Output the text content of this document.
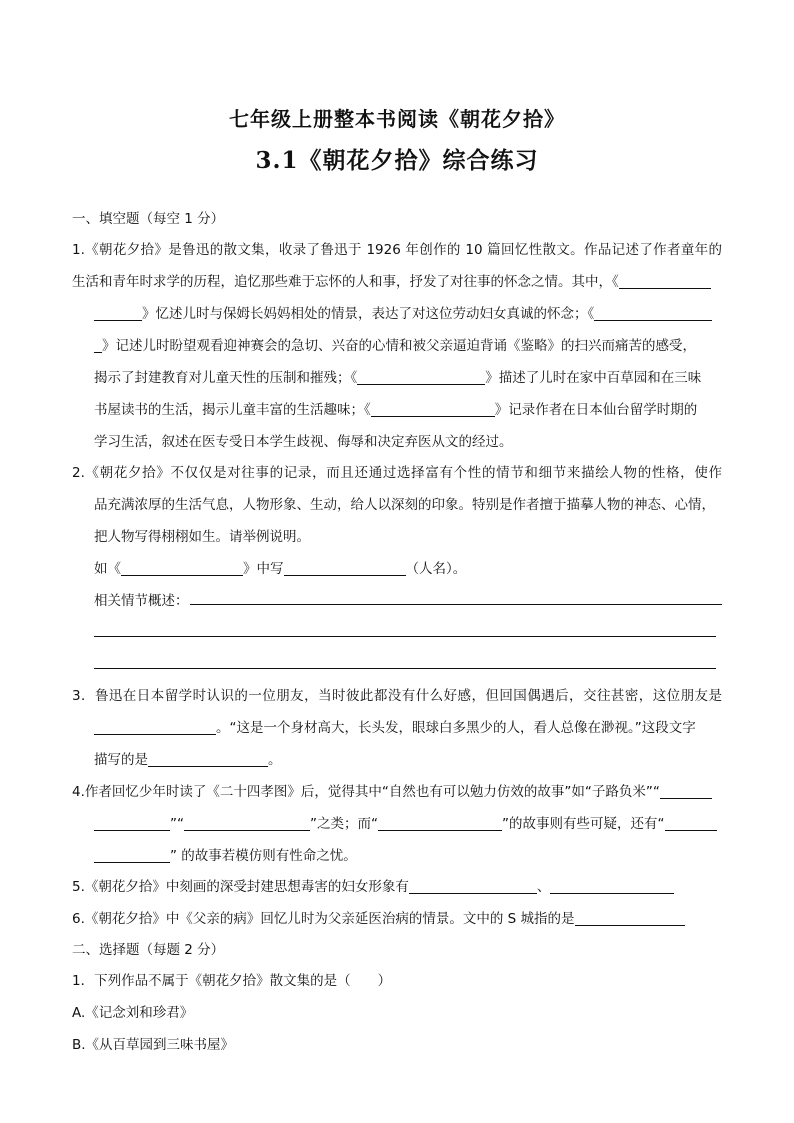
七年级上册整本书阅读《朝花夕拾》
3.1《朝花夕拾》综合练习
一、填空题（每空 1 分）
1.《朝花夕拾》是鲁迅的散文集，收录了鲁迅于 1926 年创作的 10 篇回忆性散文。作品记述了作者童年的
生活和青年时求学的历程，追忆那些难于忘怀的人和事，抒发了对往事的怀念之情。其中，《
》忆述儿时与保姆长妈妈相处的情景，表达了对这位劳动妇女真诚的怀念；《
》记述儿时盼望观看迎神赛会的急切、兴奋的心情和被父亲逼迫背诵《鉴略》的扫兴而痛苦的感受，
揭示了封建教育对儿童天性的压制和摧残；《	》描述了儿时在家中百草园和在三味
书屋读书的生活，揭示儿童丰富的生活趣味；《	》记录作者在日本仙台留学时期的
学习生活，叙述在医专受日本学生歧视、侮辱和决定弃医从文的经过。
2.《朝花夕拾》不仅仅是对往事的记录，而且还通过选择富有个性的情节和细节来描绘人物的性格，使作
品充满浓厚的生活气息，人物形象、生动，给人以深刻的印象。特别是作者擅于描摹人物的神态、心情，
把人物写得栩栩如生。请举例说明。
如《	》中写	（人名）。
相关情节概述：
3．鲁迅在日本留学时认识的一位朋友，当时彼此都没有什么好感，但回国偶遇后，交往甚密，这位朋友是
。“这是一个身材高大，长头发，眼球白多黑少的人，看人总像在渺视。”这段文字
描写的是	。
4.作者回忆少年时读了《二十四孝图》后，觉得其中“自然也有可以勉力仿效的故事”如“子路负米”“
”“	”之类；而“	”的故事则有些可疑，还有“
” 的故事若模仿则有性命之忧。
5.《朝花夕拾》中刻画的深受封建思想毒害的妇女形象有	、
6.《朝花夕拾》中《父亲的病》回忆儿时为父亲延医治病的情景。文中的 S 城指的是
二、选择题（每题 2 分）
1．下列作品不属于《朝花夕拾》散文集的是（　　）
A.《记念刘和珍君》
B.《从百草园到三味书屋》
